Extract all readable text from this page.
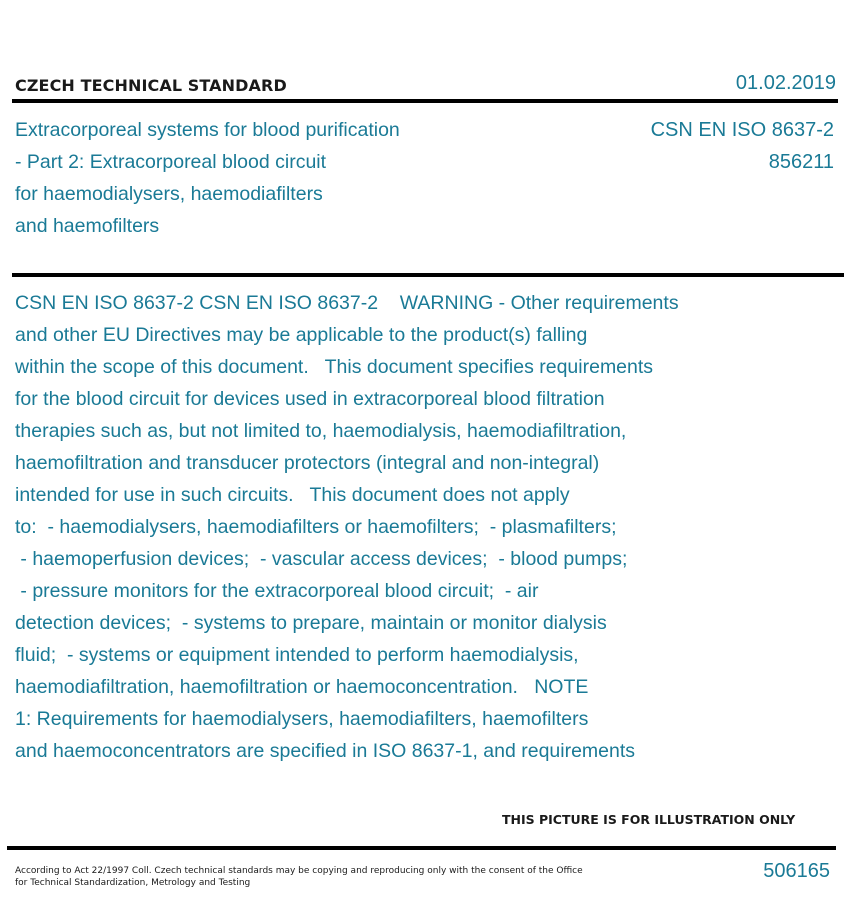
CZECH TECHNICAL STANDARD	01.02.2019
Extracorporeal systems for blood purification
- Part 2: Extracorporeal blood circuit
for haemodialysers, haemodiafilters
and haemofilters
CSN EN ISO 8637-2
856211
CSN EN ISO 8637-2 CSN EN ISO 8637-2    WARNING - Other requirements
and other EU Directives may be applicable to the product(s) falling
within the scope of this document.   This document specifies requirements
for the blood circuit for devices used in extracorporeal blood filtration
therapies such as, but not limited to, haemodialysis, haemodiafiltration,
haemofiltration and transducer protectors (integral and non-integral)
intended for use in such circuits.   This document does not apply
to:  - haemodialysers, haemodiafilters or haemofilters;  - plasmafilters;
- haemoperfusion devices;  - vascular access devices;  - blood pumps;
- pressure monitors for the extracorporeal blood circuit;  - air
detection devices;  - systems to prepare, maintain or monitor dialysis
fluid;  - systems or equipment intended to perform haemodialysis,
haemodiafiltration, haemofiltration or haemoconcentration.   NOTE
1: Requirements for haemodialysers, haemodiafilters, haemofilters
and haemoconcentrators are specified in ISO 8637-1, and requirements
THIS PICTURE IS FOR ILLUSTRATION ONLY
According to Act 22/1997 Coll. Czech technical standards may be copying and reproducing only with the consent of the Office
for Technical Standardization, Metrology and Testing
506165
